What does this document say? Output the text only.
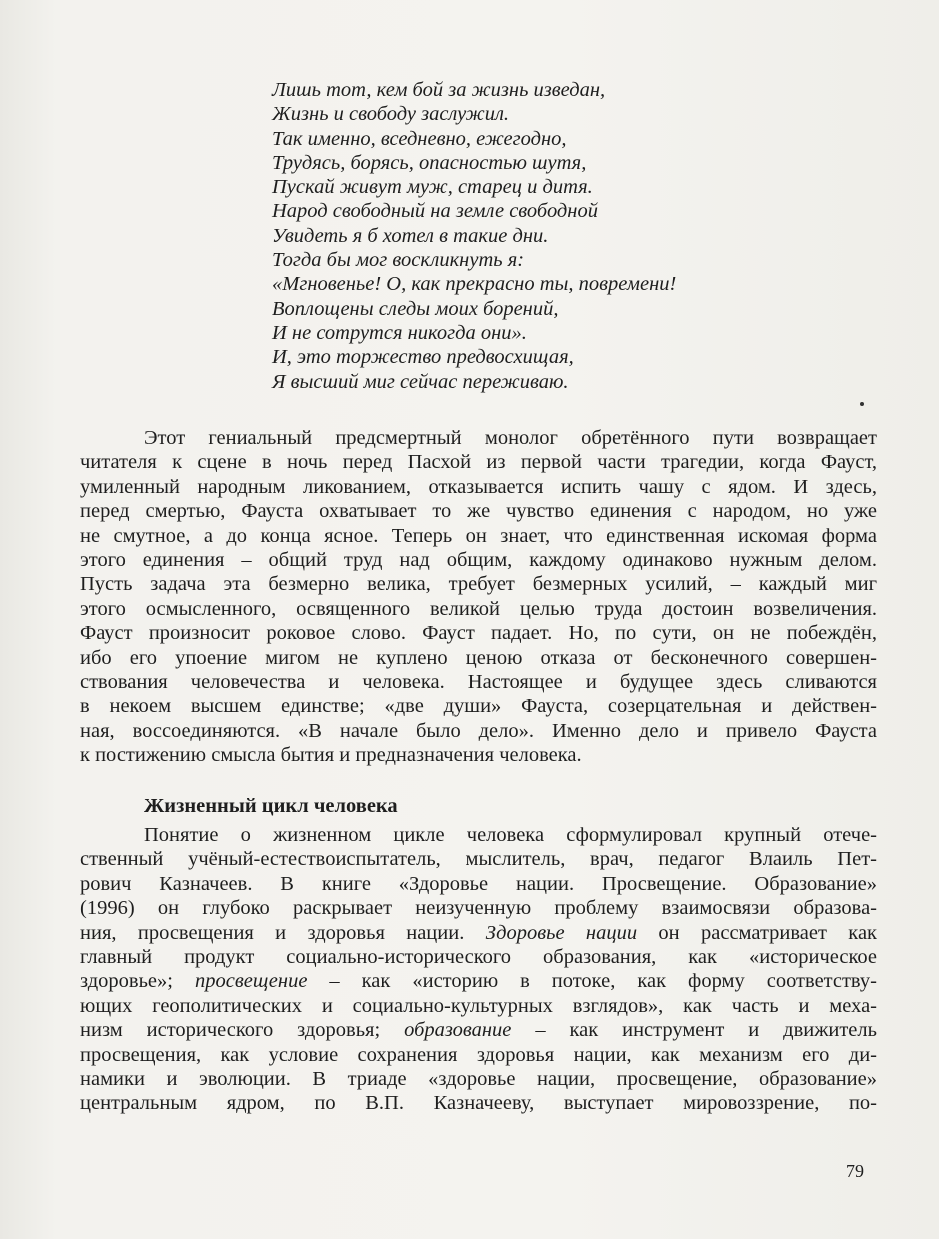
Лишь тот, кем бой за жизнь изведан,
Жизнь и свободу заслужил.
Так именно, вседневно, ежегодно,
Трудясь, борясь, опасностью шутя,
Пускай живут муж, старец и дитя.
Народ свободный на земле свободной
Увидеть я б хотел в такие дни.
Тогда бы мог воскликнуть я:
«Мгновенье! О, как прекрасно ты, повремени!
Воплощены следы моих борений,
И не сотрутся никогда они».
И, это торжество предвосхищая,
Я высший миг сейчас переживаю.
Этот гениальный предсмертный монолог обретённого пути возвращает
читателя к сцене в ночь перед Пасхой из первой части трагедии, когда Фауст,
умиленный народным ликованием, отказывается испить чашу с ядом. И здесь,
перед смертью, Фауста охватывает то же чувство единения с народом, но уже
не смутное, а до конца ясное. Теперь он знает, что единственная искомая форма
этого единения – общий труд над общим, каждому одинаково нужным делом.
Пусть задача эта безмерно велика, требует безмерных усилий, – каждый миг
этого осмысленного, освященного великой целью труда достоин возвеличения.
Фауст произносит роковое слово. Фауст падает. Но, по сути, он не побеждён,
ибо его упоение мигом не куплено ценою отказа от бесконечного совершен-
ствования человечества и человека. Настоящее и будущее здесь сливаются
в некоем высшем единстве; «две души» Фауста, созерцательная и действен-
ная, воссоединяются. «В начале было дело». Именно дело и привело Фауста
к постижению смысла бытия и предназначения человека.
Жизненный цикл человека
Понятие о жизненном цикле человека сформулировал крупный отече-
ственный учёный-естествоиспытатель, мыслитель, врач, педагог Влаиль Пет-
рович Казначеев. В книге «Здоровье нации. Просвещение. Образование»
(1996) он глубоко раскрывает неизученную проблему взаимосвязи образова-
ния, просвещения и здоровья нации. Здоровье нации он рассматривает как
главный продукт социально-исторического образования, как «историческое
здоровье»; просвещение – как «историю в потоке, как форму соответству-
ющих геополитических и социально-культурных взглядов», как часть и меха-
низм исторического здоровья; образование – как инструмент и движитель
просвещения, как условие сохранения здоровья нации, как механизм его ди-
намики и эволюции. В триаде «здоровье нации, просвещение, образование»
центральным ядром, по В.П. Казначееву, выступает мировоззрение, по-
79
